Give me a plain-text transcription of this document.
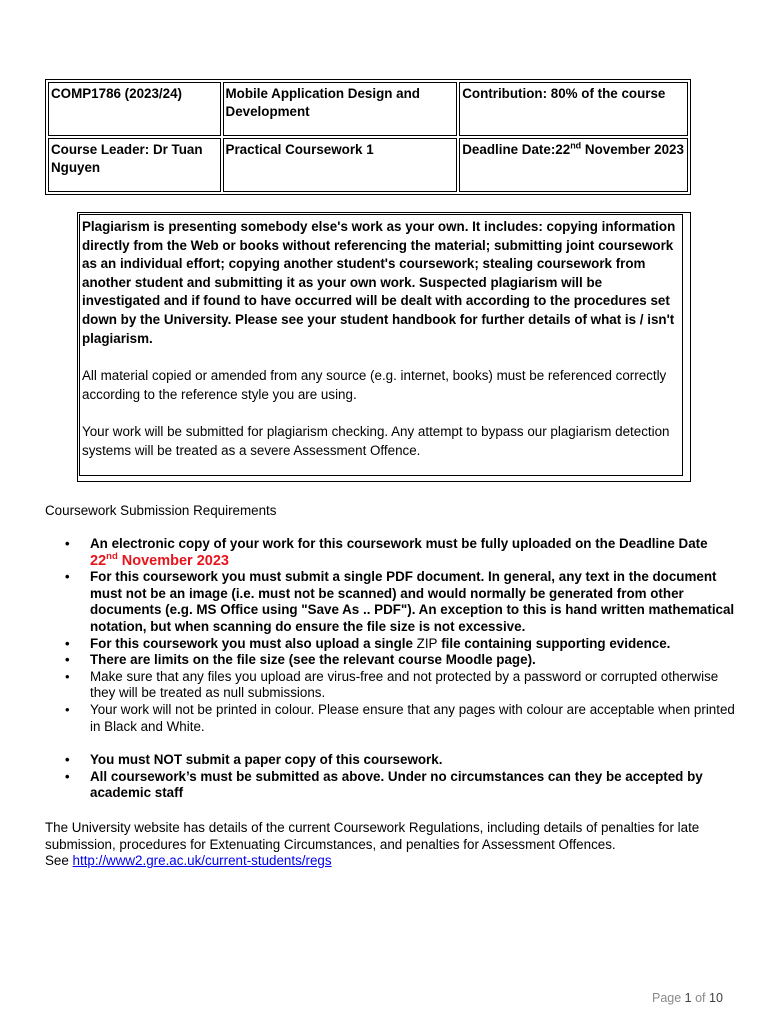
COMP1786 (2023/24)	Mobile Application Design and Development	Contribution: 80% of the course
Course Leader: Dr Tuan Nguyen	Practical Coursework 1	Deadline Date:22nd November 2023

Plagiarism is presenting somebody else's work as your own. It includes: copying information directly from the Web or books without referencing the material; submitting joint coursework as an individual effort; copying another student's coursework; stealing coursework from another student and submitting it as your own work. Suspected plagiarism will be investigated and if found to have occurred will be dealt with according to the procedures set down by the University. Please see your student handbook for further details of what is / isn't plagiarism.

All material copied or amended from any source (e.g. internet, books) must be referenced correctly according to the reference style you are using.

Your work will be submitted for plagiarism checking. Any attempt to bypass our plagiarism detection systems will be treated as a severe Assessment Offence.

Coursework Submission Requirements
• An electronic copy of your work for this coursework must be fully uploaded on the Deadline Date 22nd November 2023
• For this coursework you must submit a single PDF document. In general, any text in the document must not be an image (i.e. must not be scanned) and would normally be generated from other documents (e.g. MS Office using "Save As .. PDF"). An exception to this is hand written mathematical notation, but when scanning do ensure the file size is not excessive.
• For this coursework you must also upload a single ZIP file containing supporting evidence.
• There are limits on the file size (see the relevant course Moodle page).
• Make sure that any files you upload are virus-free and not protected by a password or corrupted otherwise they will be treated as null submissions.
• Your work will not be printed in colour. Please ensure that any pages with colour are acceptable when printed in Black and White.
• You must NOT submit a paper copy of this coursework.
• All coursework’s must be submitted as above. Under no circumstances can they be accepted by academic staff
The University website has details of the current Coursework Regulations, including details of penalties for late submission, procedures for Extenuating Circumstances, and penalties for Assessment Offences.
See http://www2.gre.ac.uk/current-students/regs
Page 1 of 10
